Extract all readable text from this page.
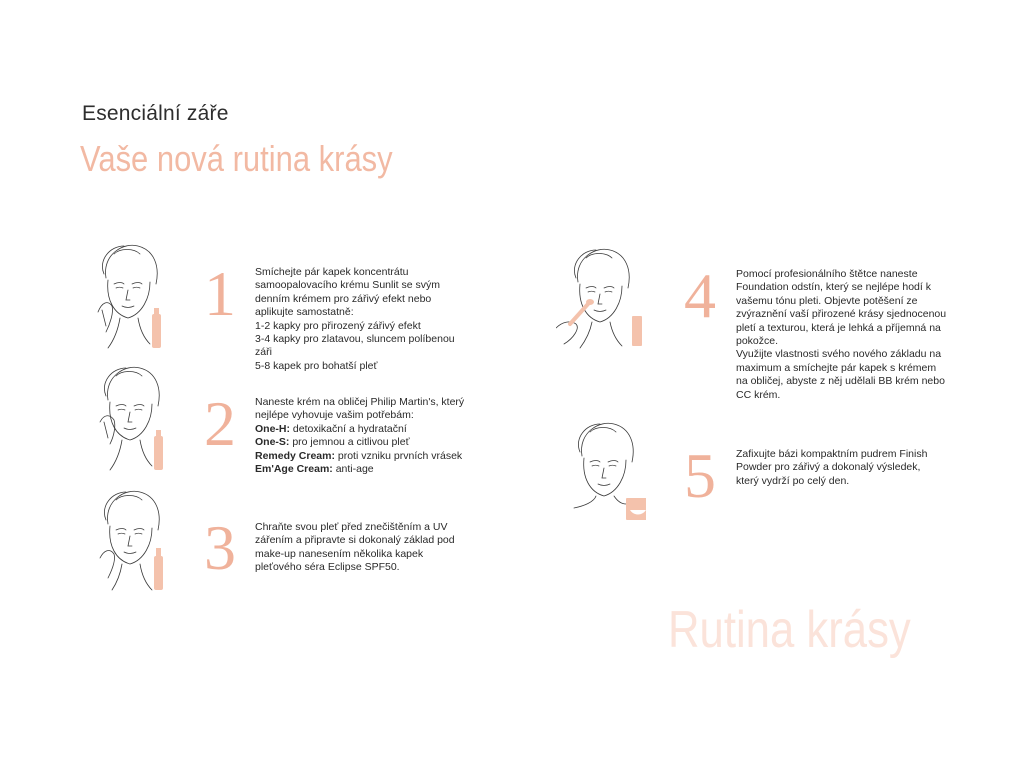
Esenciální záře
Vaše nová rutina krásy
1 Smíchejte pár kapek koncentrátu
samoopalovacího krému Sunlit se svým
denním krémem pro zářivý efekt nebo
aplikujte samostatně:
1-2 kapky pro přirozený zářivý efekt
3-4 kapky pro zlatavou, sluncem políbenou
záři
5-8 kapek pro bohatší pleť
2 Naneste krém na obličej Philip Martin's, který
nejlépe vyhovuje vašim potřebám:
One-H: detoxikační a hydratační
One-S: pro jemnou a citlivou pleť
Remedy Cream: proti vzniku prvních vrásek
Em'Age Cream: anti-age
3 Chraňte svou pleť před znečištěním a UV
zářením a připravte si dokonalý základ pod
make-up nanesením několika kapek
pleťového séra Eclipse SPF50.
4 Pomocí profesionálního štětce naneste
Foundation odstín, který se nejlépe hodí k
vašemu tónu pleti. Objevte potěšení ze
zvýraznění vaší přirozené krásy sjednocenou
pletí a texturou, která je lehká a příjemná na
pokožce.
Využijte vlastnosti svého nového základu na
maximum a smíchejte pár kapek s krémem
na obličej, abyste z něj udělali BB krém nebo
CC krém.
5 Zafixujte bázi kompaktním pudrem Finish
Powder pro zářivý a dokonalý výsledek,
který vydrží po celý den.
Rutina krásy
